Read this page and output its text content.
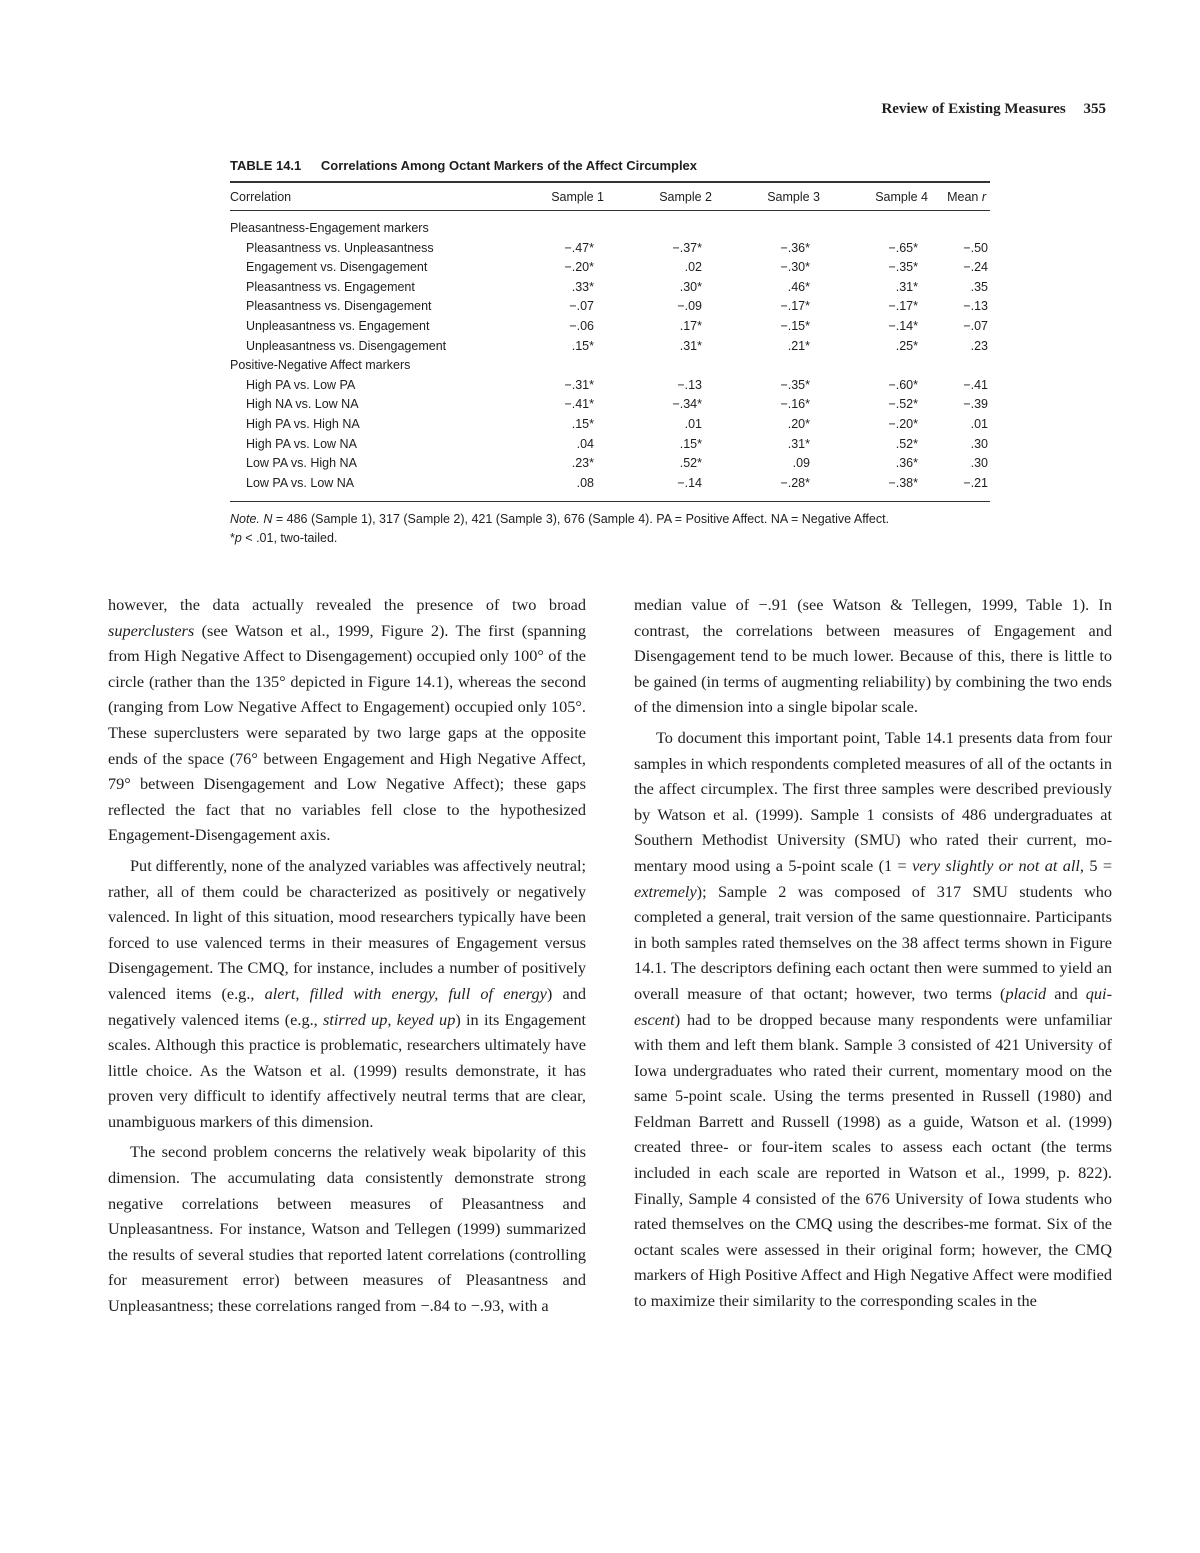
Review of Existing Measures 355
TABLE 14.1 Correlations Among Octant Markers of the Affect Circumplex
Correlation	Sample 1	Sample 2	Sample 3	Sample 4	Mean r
Pleasantness-Engagement markers					
Pleasantness vs. Unpleasantness	−.47*	−.37*	−.36*	−.65*	−.50
Engagement vs. Disengagement	−.20*	.02	−.30*	−.35*	−.24
Pleasantness vs. Engagement	.33*	.30*	.46*	.31*	.35
Pleasantness vs. Disengagement	−.07	−.09	−.17*	−.17*	−.13
Unpleasantness vs. Engagement	−.06	.17*	−.15*	−.14*	−.07
Unpleasantness vs. Disengagement	.15*	.31*	.21*	.25*	.23
Positive-Negative Affect markers					
High PA vs. Low PA	−.31*	−.13	−.35*	−.60*	−.41
High NA vs. Low NA	−.41*	−.34*	−.16*	−.52*	−.39
High PA vs. High NA	.15*	.01	.20*	−.20*	.01
High PA vs. Low NA	.04	.15*	.31*	.52*	.30
Low PA vs. High NA	.23*	.52*	.09	.36*	.30
Low PA vs. Low NA	.08	−.14	−.28*	−.38*	−.21
Note. N = 486 (Sample 1), 317 (Sample 2), 421 (Sample 3), 676 (Sample 4). PA = Positive Affect. NA = Negative Affect.
*p < .01, two-tailed.

however, the data actually revealed the presence of two broad superclusters (see Watson et al., 1999, Figure 2). The first (spanning from High Negative Affect to Disengagement) occupied only 100° of the circle (rather than the 135° depicted in Figure 14.1), whereas the second (ranging from Low Negative Affect to Engagement) occupied only 105°. These superclusters were separated by two large gaps at the opposite ends of the space (76° between Engagement and High Negative Affect, 79° between Disengagement and Low Negative Affect); these gaps reflected the fact that no variables fell close to the hypothesized Engagement-Disengagement axis.

Put differently, none of the analyzed variables was affectively neutral; rather, all of them could be characterized as positively or negatively valenced. In light of this situation, mood researchers typically have been forced to use valenced terms in their measures of Engagement versus Disengagement. The CMQ, for instance, includes a number of positively valenced items (e.g., alert, filled with energy, full of energy) and negatively valenced items (e.g., stirred up, keyed up) in its Engagement scales. Although this practice is problematic, researchers ultimately have little choice. As the Watson et al. (1999) results demonstrate, it has proven very difficult to identify affectively neutral terms that are clear, unambiguous markers of this dimension.

The second problem concerns the relatively weak bipolarity of this dimension. The accumulating data consistently demonstrate strong negative correlations between measures of Pleasantness and Unpleasantness. For instance, Watson and Tellegen (1999) summarized the results of several studies that reported latent correlations (controlling for measurement error) between measures of Pleasantness and Unpleasantness; these correlations ranged from −.84 to −.93, with a

median value of −.91 (see Watson & Tellegen, 1999, Table 1). In contrast, the correlations between measures of Engagement and Disengagement tend to be much lower. Because of this, there is little to be gained (in terms of augmenting reliability) by combining the two ends of the dimension into a single bipolar scale.

To document this important point, Table 14.1 presents data from four samples in which respondents completed measures of all of the octants in the affect circumplex. The first three samples were described previously by Watson et al. (1999). Sample 1 consists of 486 undergraduates at Southern Methodist University (SMU) who rated their current, momentary mood using a 5-point scale (1 = very slightly or not at all, 5 = extremely); Sample 2 was composed of 317 SMU students who completed a general, trait version of the same questionnaire. Participants in both samples rated themselves on the 38 affect terms shown in Figure 14.1. The descriptors defining each octant then were summed to yield an overall measure of that octant; however, two terms (placid and quiescent) had to be dropped because many respondents were unfamiliar with them and left them blank. Sample 3 consisted of 421 University of Iowa undergraduates who rated their current, momentary mood on the same 5-point scale. Using the terms presented in Russell (1980) and Feldman Barrett and Russell (1998) as a guide, Watson et al. (1999) created three- or four-item scales to assess each octant (the terms included in each scale are reported in Watson et al., 1999, p. 822). Finally, Sample 4 consisted of the 676 University of Iowa students who rated themselves on the CMQ using the describes-me format. Six of the octant scales were assessed in their original form; however, the CMQ markers of High Positive Affect and High Negative Affect were modified to maximize their similarity to the corresponding scales in the
